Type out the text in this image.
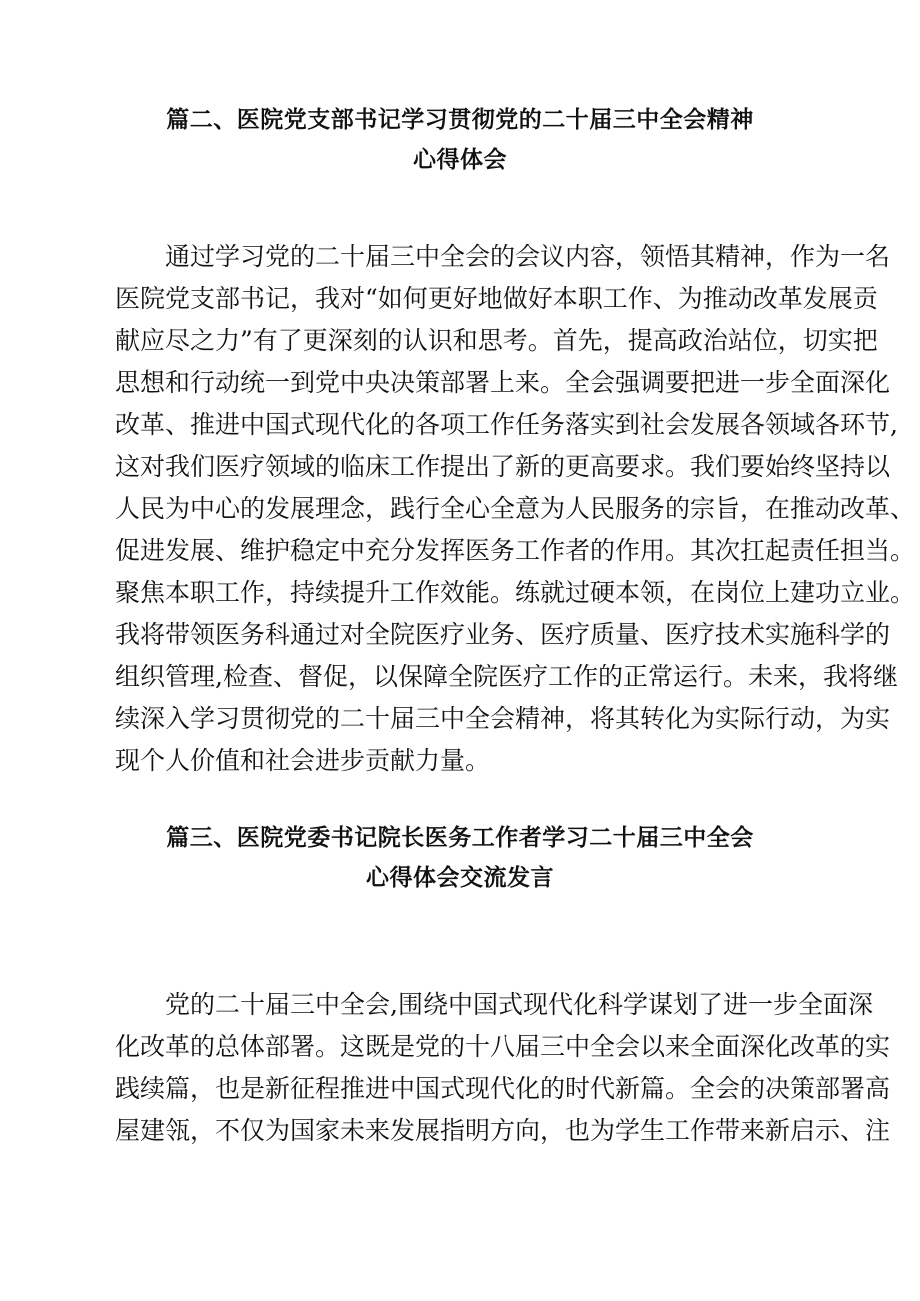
篇二、医院党支部书记学习贯彻党的二十届三中全会精神
心得体会
通过学习党的二十届三中全会的会议内容，领悟其精神，作为一名
医院党支部书记，我对“如何更好地做好本职工作、为推动改革发展贡
献应尽之力”有了更深刻的认识和思考。首先，提高政治站位，切实把
思想和行动统一到党中央决策部署上来。全会强调要把进一步全面深化
改革、推进中国式现代化的各项工作任务落实到社会发展各领域各环节,
这对我们医疗领域的临床工作提出了新的更高要求。我们要始终坚持以
人民为中心的发展理念，践行全心全意为人民服务的宗旨，在推动改革、
促进发展、维护稳定中充分发挥医务工作者的作用。其次扛起责任担当。
聚焦本职工作，持续提升工作效能。练就过硬本领，在岗位上建功立业。
我将带领医务科通过对全院医疗业务、医疗质量、医疗技术实施科学的
组织管理,检查、督促，以保障全院医疗工作的正常运行。未来，我将继
续深入学习贯彻党的二十届三中全会精神，将其转化为实际行动，为实
现个人价值和社会进步贡献力量。
篇三、医院党委书记院长医务工作者学习二十届三中全会
心得体会交流发言
党的二十届三中全会,围绕中国式现代化科学谋划了进一步全面深
化改革的总体部署。这既是党的十八届三中全会以来全面深化改革的实
践续篇，也是新征程推进中国式现代化的时代新篇。全会的决策部署高
屋建瓴，不仅为国家未来发展指明方向，也为学生工作带来新启示、注
